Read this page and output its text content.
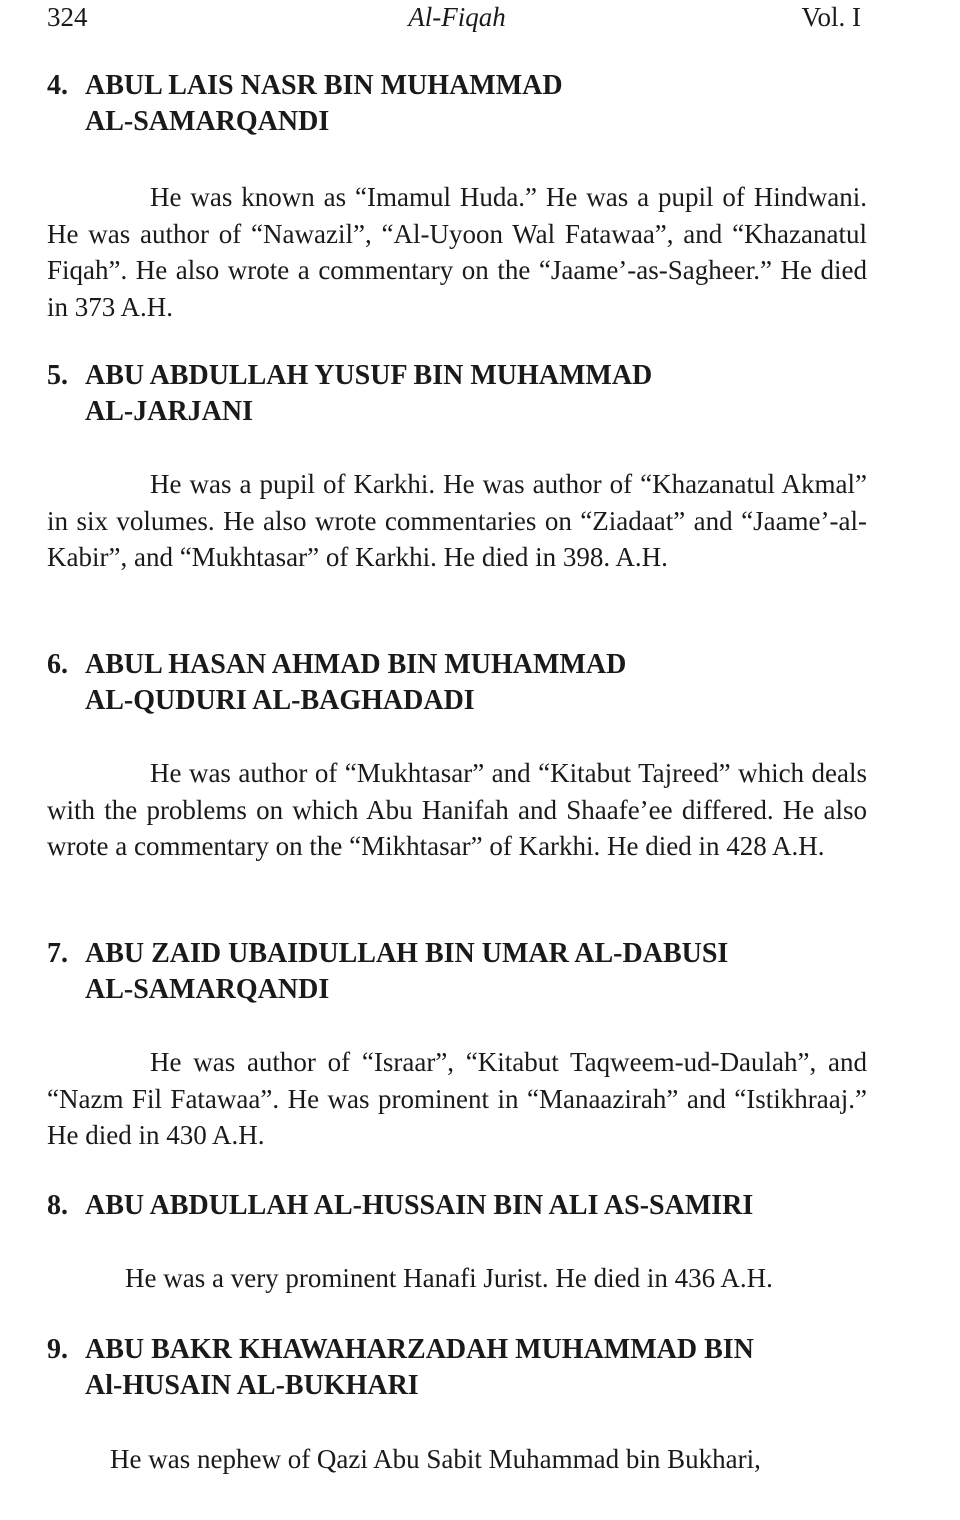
324	Al-Fiqah	Vol. I
4. ABUL LAIS NASR BIN MUHAMMAD
AL-SAMARQANDI

He was known as “Imamul Huda.” He was a pupil of Hindwani. He was author of “Nawazil”, “Al-Uyoon Wal Fatawaa”, and “Khazanatul Fiqah”. He also wrote a commentary on the “Jaame’-as-Sagheer.” He died in 373 A.H.

5. ABU ABDULLAH YUSUF BIN MUHAMMAD
AL-JARJANI

He was a pupil of Karkhi. He was author of “Khazanatul Akmal” in six volumes. He also wrote commentaries on “Ziadaat” and “Jaame’-al-Kabir”, and “Mukhtasar” of Karkhi. He died in 398. A.H.

6. ABUL HASAN AHMAD BIN MUHAMMAD
AL-QUDURI AL-BAGHADADI

He was author of “Mukhtasar” and “Kitabut Tajreed” which deals with the problems on which Abu Hanifah and Shaafe’ee differed. He also wrote a commentary on the “Mikhtasar” of Karkhi. He died in 428 A.H.

7. ABU ZAID UBAIDULLAH BIN UMAR AL-DABUSI
AL-SAMARQANDI

He was author of “Israar”, “Kitabut Taqweem-ud-Daulah”, and “Nazm Fil Fatawaa”. He was prominent in “Manaazirah” and “Istikhraaj.” He died in 430 A.H.

8. ABU ABDULLAH AL-HUSSAIN BIN ALI AS-SAMIRI

He was a very prominent Hanafi Jurist. He died in 436 A.H.

9. ABU BAKR KHAWAHARZADAH MUHAMMAD BIN
Al-HUSAIN AL-BUKHARI

He was nephew of Qazi Abu Sabit Muhammad bin Bukhari,
